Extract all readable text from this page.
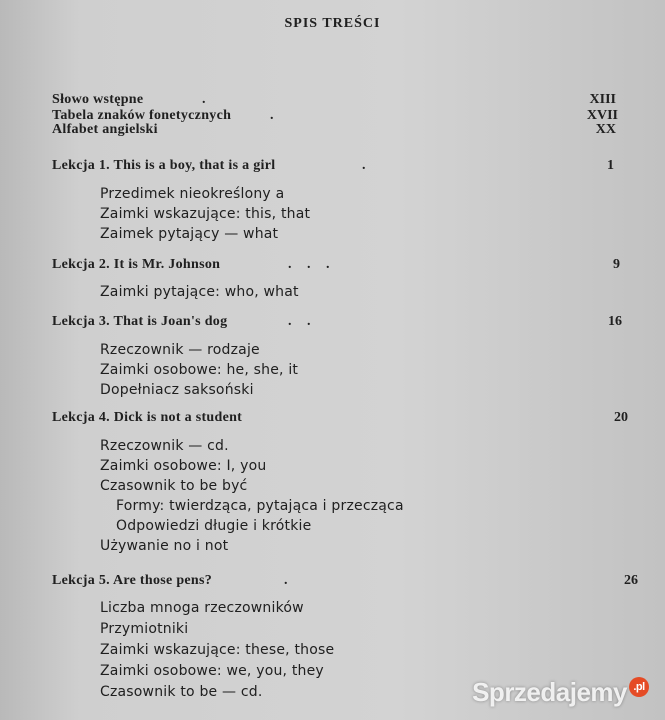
SPIS TREŚCI
Słowo wstępne	.	XIII
Tabela znaków fonetycznych	.	XVII
Alfabet angielski	XX
Lekcja 1. This is a boy, that is a girl	.	1
Przedimek nieokreślony a
Zaimki wskazujące: this, that
Zaimek pytający — what
Lekcja 2. It is Mr. Johnson	. . .	9
Zaimki pytające: who, what
Lekcja 3. That is Joan's dog	. .	16
Rzeczownik — rodzaje
Zaimki osobowe: he, she, it
Dopełniacz saksoński
Lekcja 4. Dick is not a student	20
Rzeczownik — cd.
Zaimki osobowe: I, you
Czasownik to be być
Formy: twierdząca, pytająca i przecząca
Odpowiedzi długie i krótkie
Używanie no i not
Lekcja 5. Are those pens?	.	26
Liczba mnoga rzeczowników
Przymiotniki
Zaimki wskazujące: these, those
Zaimki osobowe: we, you, they
Czasownik to be — cd.	Sprzedajemy .pl
